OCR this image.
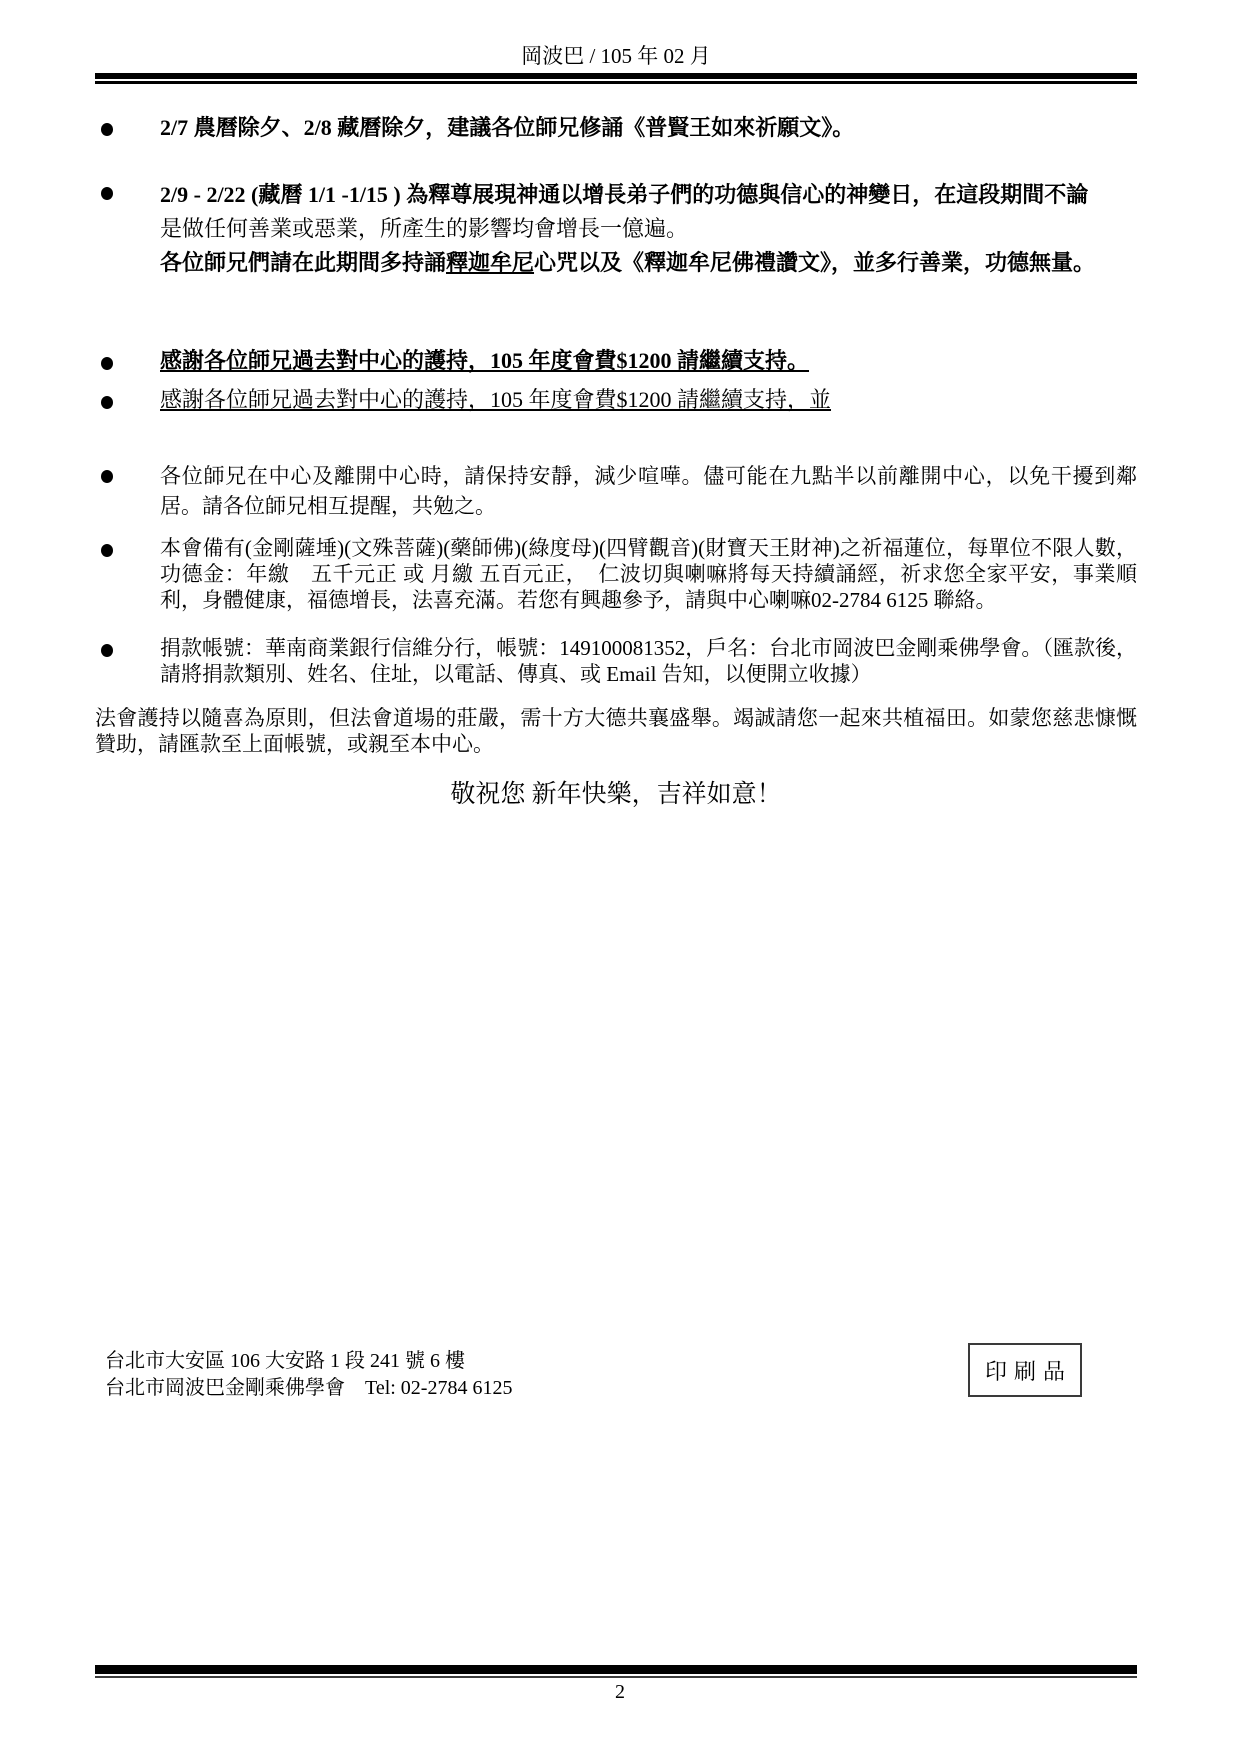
岡波巴 / 105 年 02 月
2/7 農曆除夕、2/8 藏曆除夕，建議各位師兄修誦《普賢王如來祈願文》。
2/9 - 2/22 (藏曆 1/1 -1/15 ) 為釋尊展現神通以增長弟子們的功德與信心的神變日，在這段期間不論
是做任何善業或惡業，所產生的影響均會增長一億遍。
各位師兄們請在此期間多持誦釋迦牟尼心咒以及《釋迦牟尼佛禮讚文》，並多行善業，功德無量。
感謝各位師兄過去對中心的護持，105 年度會費$1200 請繼續支持。
感謝各位師兄過去對中心的護持，105 年度會費$1200 請繼續支持，並
各位師兄在中心及離開中心時，請保持安靜，減少喧嘩。儘可能在九點半以前離開中心，以免干擾到鄰居。請各位師兄相互提醒，共勉之。
本會備有(金剛薩埵)(文殊菩薩)(藥師佛)(綠度母)(四臂觀音)(財寶天王財神)之祈福蓮位，每單位不限人數，功德金：年繳　五千元正 或 月繳 五百元正，　仁波切與喇嘛將每天持續誦經，祈求您全家平安，事業順利，身體健康，福德增長，法喜充滿。若您有興趣參予，請與中心喇嘛02-2784 6125 聯絡。
捐款帳號：華南商業銀行信維分行，帳號：149100081352，戶名：台北市岡波巴金剛乘佛學會。（匯款後，請將捐款類別、姓名、住址，以電話、傳真、或 Email 告知，以便開立收據）
法會護持以隨喜為原則，但法會道場的莊嚴，需十方大德共襄盛舉。竭誠請您一起來共植福田。如蒙您慈悲慷慨贊助，請匯款至上面帳號，或親至本中心。
敬祝您 新年快樂，吉祥如意！
台北市大安區 106 大安路 1 段 241 號 6 樓
台北市岡波巴金剛乘佛學會　Tel: 02-2784 6125
印刷品
2
